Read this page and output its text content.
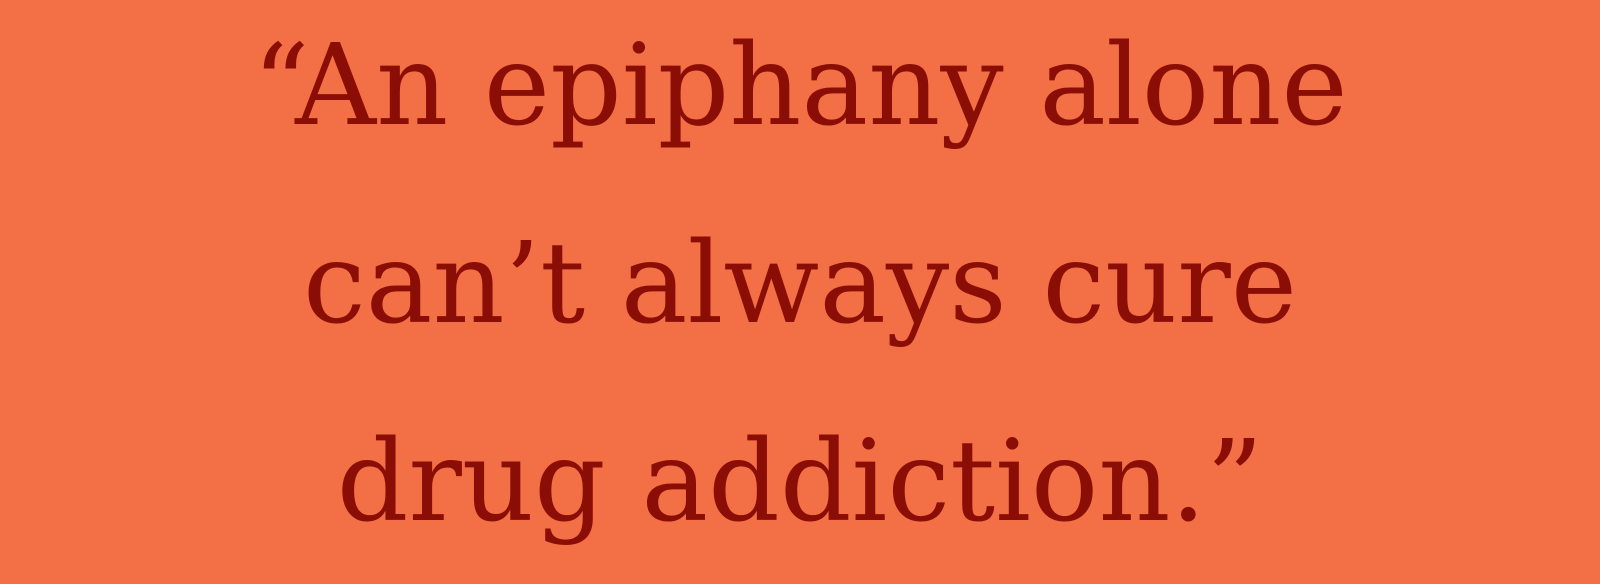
“An epiphany alone

can’t always cure

drug addiction.”
